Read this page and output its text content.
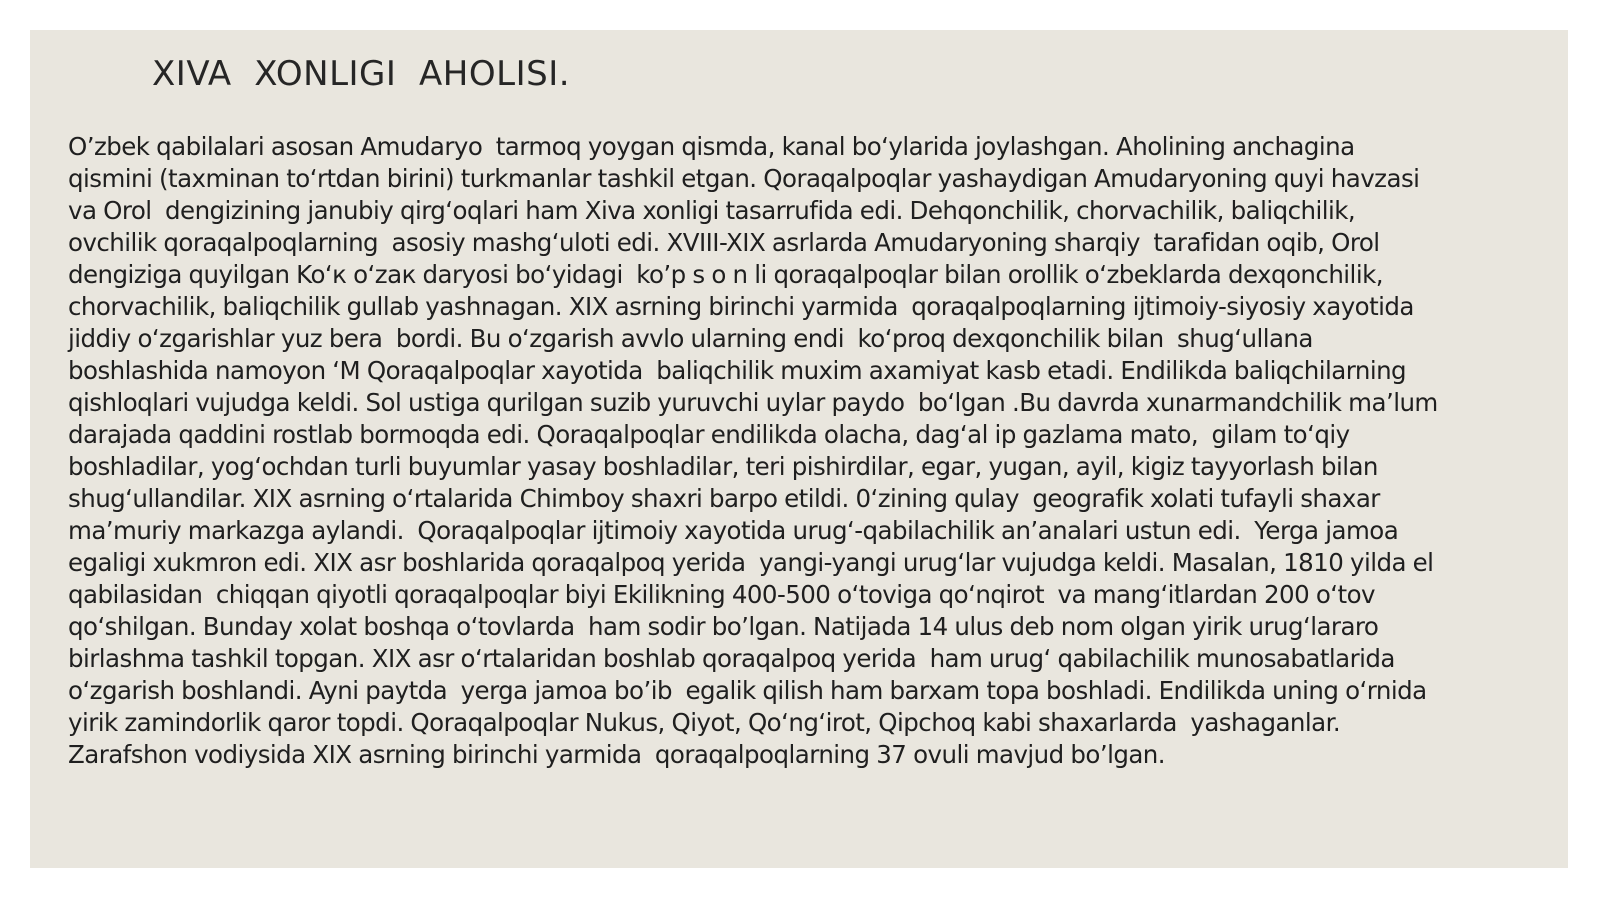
XIVA  XONLIGI  AHOLISI.
O’zbek qabilalari asosan Amudaryo  tarmoq yoygan qismda, kanal bo‘ylarida joylashgan. Aholining anchagina
qismini (taxminan to‘rtdan birini) turkmanlar tashkil etgan. Qoraqalpoqlar yashaydigan Amudaryoning quyi havzasi
va Orol  dengizining janubiy qirg‘oqlari ham Xiva xonligi tasarrufida edi. Dehqonchilik, chorvachilik, baliqchilik,
ovchilik qoraqalpoqlarning  asosiy mashg‘uloti edi. XVIII-XIX asrlarda Amudaryoning sharqiy  tarafidan oqib, Orol
dengiziga quyilgan Ko‘к o‘zaк daryosi bo‘yidagi  ko’p s o n li qoraqalpoqlar bilan orollik o‘zbeklarda dexqonchilik,
chorvachilik, baliqchilik gullab yashnagan. XIX asrning birinchi yarmida  qoraqalpoqlarning ijtimoiy-siyosiy xayotida
jiddiy o‘zgarishlar yuz bera  bordi. Bu o‘zgarish avvlo ularning endi  ko‘proq dexqonchilik bilan  shug‘ullana
boshlashida namoyon ‘M Qoraqalpoqlar xayotida  baliqchilik muxim axamiyat kasb etadi. Endilikda baliqchilarning
qishloqlari vujudga keldi. Sol ustiga qurilgan suzib yuruvchi uylar paydo  bo‘lgan .Bu davrda xunarmandchilik ma’lum
darajada qaddini rostlab bormoqda edi. Qoraqalpoqlar endilikda olacha, dag‘al ip gazlama mato,  gilam to‘qiy
boshladilar, yog‘ochdan turli buyumlar yasay boshladilar, teri pishirdilar, egar, yugan, ayil, kigiz tayyorlash bilan
shug‘ullandilar. XIX asrning o‘rtalarida Chimboy shaxri barpo etildi. 0‘zining qulay  geografik xolati tufayli shaxar
ma’muriy markazga aylandi.  Qoraqalpoqlar ijtimoiy xayotida urug‘-qabilachilik an’analari ustun edi.  Yerga jamoa
egaligi xukmron edi. XIX asr boshlarida qoraqalpoq yerida  yangi-yangi urug‘lar vujudga keldi. Masalan, 1810 yilda el
qabilasidan  chiqqan qiyotli qoraqalpoqlar biyi Ekilikning 400-500 o‘toviga qo‘nqirot  va mang‘itlardan 200 o‘tov
qo‘shilgan. Bunday xolat boshqa o‘tovlarda  ham sodir bo’lgan. Natijada 14 ulus deb nom olgan yirik urug‘lararo
birlashma tashkil topgan. XIX asr o‘rtalaridan boshlab qoraqalpoq yerida  ham urug‘ qabilachilik munosabatlarida
o‘zgarish boshlandi. Ayni paytda  yerga jamoa bo’ib  egalik qilish ham barxam topa boshladi. Endilikda uning o‘rnida
yirik zamindorlik qaror topdi. Qoraqalpoqlar Nukus, Qiyot, Qo‘ng‘irot, Qipchoq kabi shaxarlarda  yashaganlar.
Zarafshon vodiysida XIX asrning birinchi yarmida  qoraqalpoqlarning 37 ovuli mavjud bo’lgan.
